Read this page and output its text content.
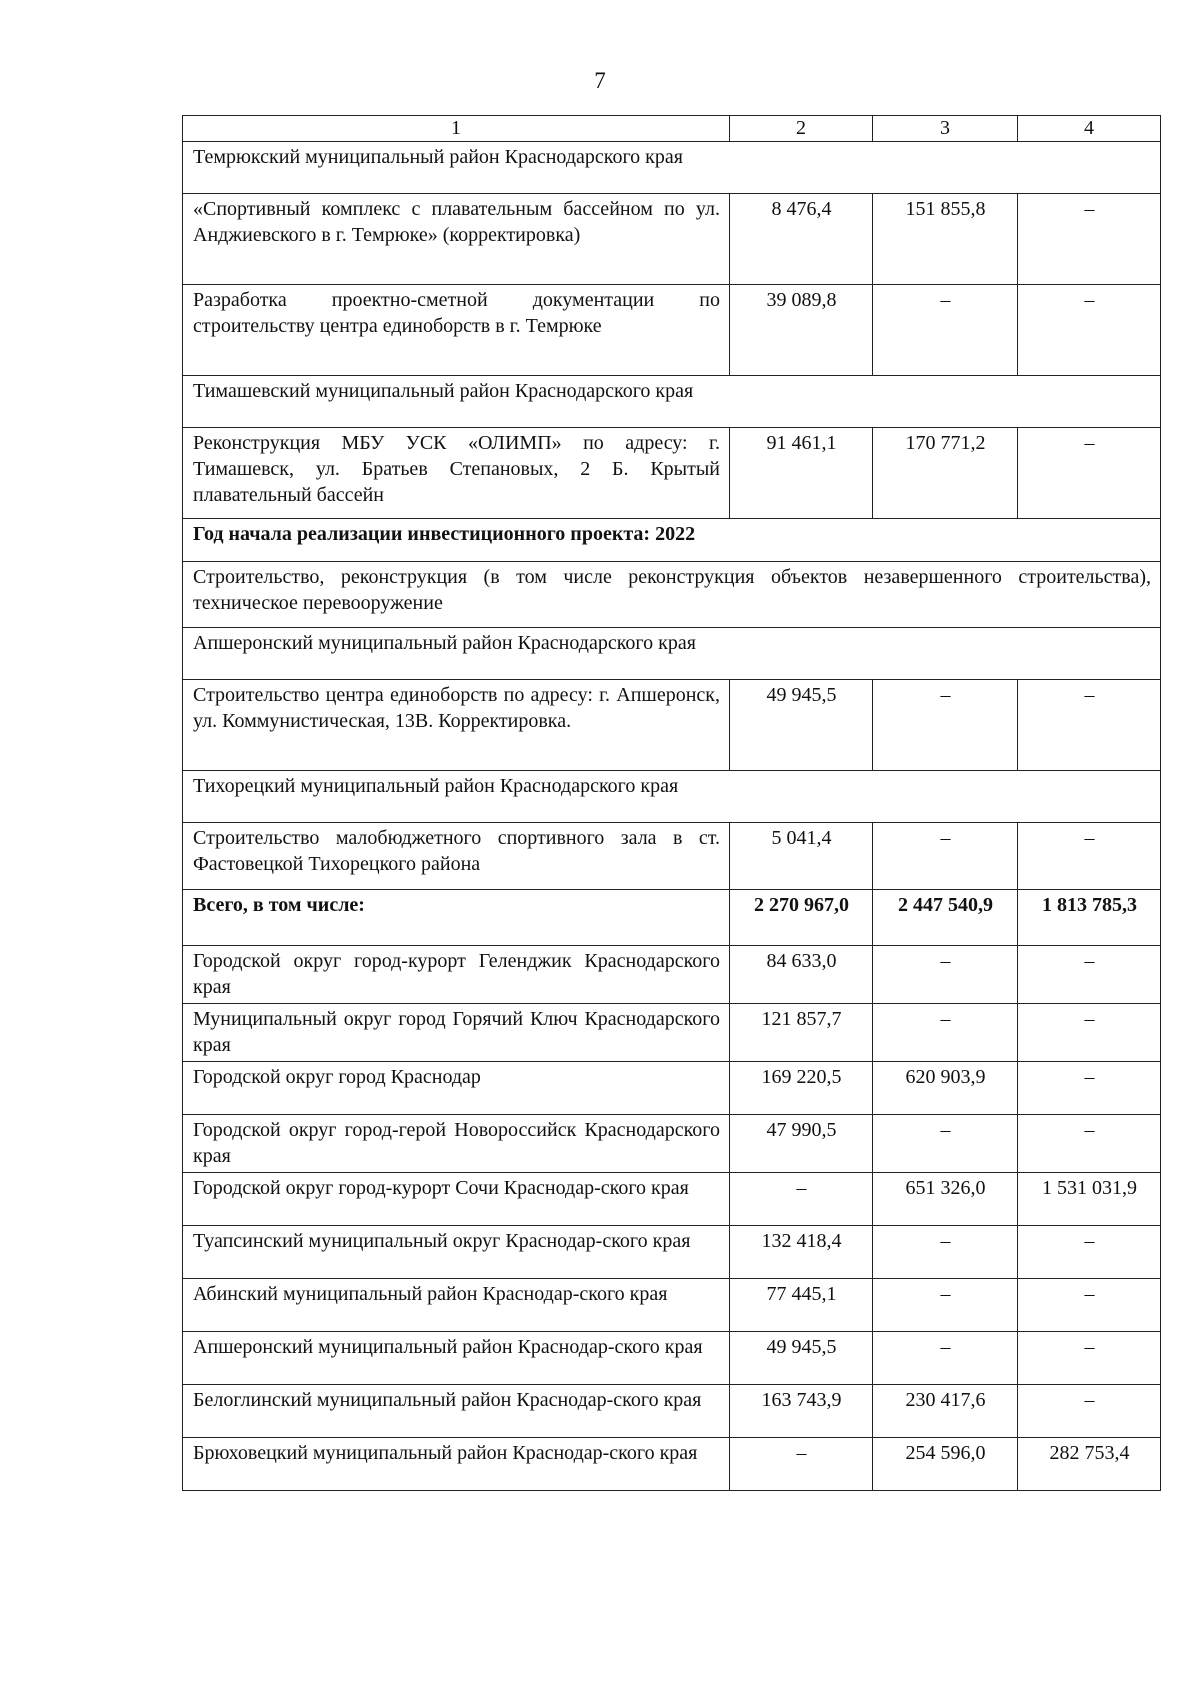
7
1	2	3	4
Темрюкский муниципальный район Краснодарского края			
«Спортивный комплекс с плавательным бассейном по ул. Анджиевского в г. Темрюке» (корректировка)	8 476,4	151 855,8	–
Разработка проектно-сметной документации по строительству центра единоборств в г. Темрюке	39 089,8	–	–
Тимашевский муниципальный район Краснодарского края			
Реконструкция МБУ УСК «ОЛИМП» по адресу: г. Тимашевск, ул. Братьев Степановых, 2 Б. Крытый плавательный бассейн	91 461,1	170 771,2	–
Год начала реализации инвестиционного проекта: 2022			
Строительство, реконструкция (в том числе реконструкция объектов незавершенного строительства), техническое перевооружение			
Апшеронский муниципальный район Краснодарского края			
Строительство центра единоборств по адресу: г. Апшеронск, ул. Коммунистическая, 13В. Корректировка.	49 945,5	–	–
Тихорецкий муниципальный район Краснодарского края			
Строительство малобюджетного спортивного зала в ст. Фастовецкой Тихорецкого района	5 041,4	–	–
Всего, в том числе:	2 270 967,0	2 447 540,9	1 813 785,3
Городской округ город-курорт Геленджик Краснодарского края	84 633,0	–	–
Муниципальный округ город Горячий Ключ Краснодарского края	121 857,7	–	–
Городской округ город Краснодар	169 220,5	620 903,9	–
Городской округ город-герой Новороссийск Краснодарского края	47 990,5	–	–
Городской округ город-курорт Сочи Краснодар-ского края	–	651 326,0	1 531 031,9
Туапсинский муниципальный округ Краснодар-ского края	132 418,4	–	–
Абинский муниципальный район Краснодар-ского края	77 445,1	–	–
Апшеронский муниципальный район Краснодар-ского края	49 945,5	–	–
Белоглинский муниципальный район Краснодар-ского края	163 743,9	230 417,6	–
Брюховецкий муниципальный район Краснодар-ского края	–	254 596,0	282 753,4
